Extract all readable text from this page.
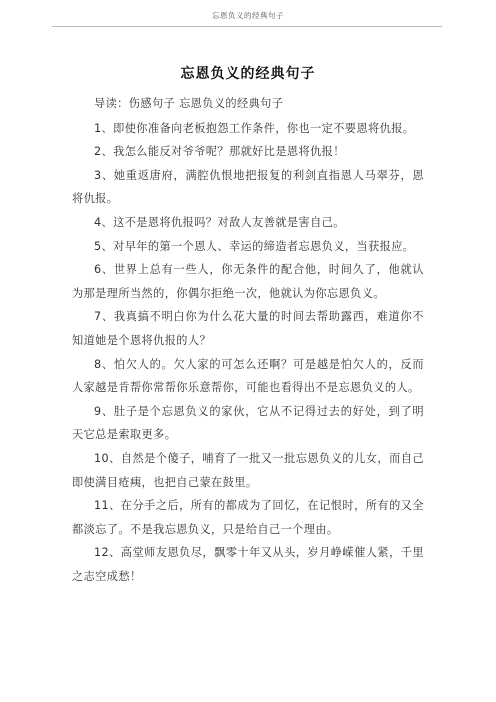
忘恩负义的经典句子
忘恩负义的经典句子

导读：伤感句子 忘恩负义的经典句子

1、即使你准备向老板抱怨工作条件，你也一定不要恩将仇报。

2、我怎么能反对爷爷呢？那就好比是恩将仇报！

3、她重返唐府，满腔仇恨地把报复的利剑直指恩人马翠芬，恩将仇报。

4、这不是恩将仇报吗？对敌人友善就是害自己。

5、对早年的第一个恩人、幸运的缔造者忘恩负义，当获报应。

6、世界上总有一些人，你无条件的配合他，时间久了，他就认为那是理所当然的，你偶尔拒绝一次，他就认为你忘恩负义。

7、我真搞不明白你为什么花大量的时间去帮助露西，难道你不知道她是个恩将仇报的人？

8、怕欠人的。欠人家的可怎么还啊？可是越是怕欠人的，反而人家越是肯帮你常帮你乐意帮你，可能也看得出不是忘恩负义的人。

9、肚子是个忘恩负义的家伙，它从不记得过去的好处，到了明天它总是索取更多。

10、自然是个傻子，哺育了一批又一批忘恩负义的儿女，而自己即使满目疮痍，也把自己蒙在鼓里。

11、在分手之后，所有的都成为了回忆，在记恨时，所有的又全都淡忘了。不是我忘恩负义，只是给自己一个理由。

12、高堂师友恩负尽，飘零十年又从头，岁月峥嵘催人紧，千里之志空成愁！
